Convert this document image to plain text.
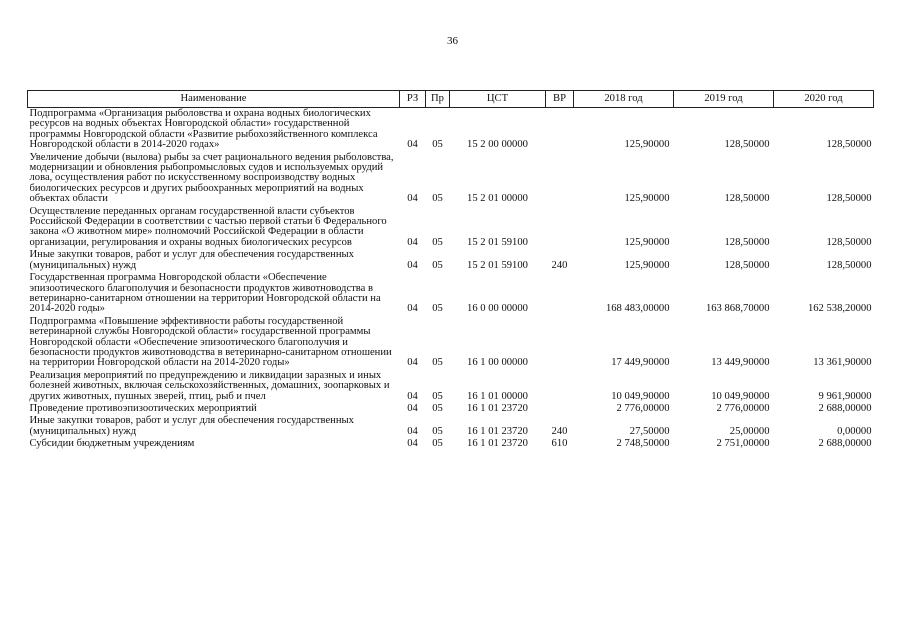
36
Наименование	РЗ	Пр	ЦСТ	ВР	2018 год	2019 год	2020 год
Подпрограмма «Организация рыболовства и охрана водных биологических ресурсов на водных объектах Новгородской области» государственной программы Новгородской области «Развитие рыбохозяйственного комплекса Новгородской области в 2014-2020 годах»	04	05	15 2 00 00000		125,90000	128,50000	128,50000
Увеличение добычи (вылова) рыбы за счет рационального ведения рыболовства, модернизации и обновления рыбопромысловых судов и используемых орудий лова, осуществления работ по искусственному воспроизводству водных биологических ресурсов и других рыбоохранных мероприятий на водных объектах области	04	05	15 2 01 00000		125,90000	128,50000	128,50000
Осуществление переданных органам государственной власти субъектов Российской Федерации в соответствии с частью первой статьи 6 Федерального закона «О животном мире» полномочий Российской Федерации в области организации, регулирования и охраны водных биологических ресурсов	04	05	15 2 01 59100		125,90000	128,50000	128,50000
Иные закупки товаров, работ и услуг для обеспечения государственных (муниципальных) нужд	04	05	15 2 01 59100	240	125,90000	128,50000	128,50000
Государственная программа Новгородской области «Обеспечение эпизоотического благополучия и безопасности продуктов животноводства в ветеринарно-санитарном отношении на территории Новгородской области на 2014-2020 годы»	04	05	16 0 00 00000		168 483,00000	163 868,70000	162 538,20000
Подпрограмма «Повышение эффективности работы государственной ветеринарной службы Новгородской области» государственной программы Новгородской области «Обеспечение эпизоотического благополучия и безопасности продуктов животноводства в ветеринарно-санитарном отношении на территории Новгородской области на 2014-2020 годы»	04	05	16 1 00 00000		17 449,90000	13 449,90000	13 361,90000
Реализация мероприятий по предупреждению и ликвидации заразных и иных болезней животных, включая сельскохозяйственных, домашних, зоопарковых и других животных, пушных зверей, птиц, рыб и пчел	04	05	16 1 01 00000		10 049,90000	10 049,90000	9 961,90000
Проведение противоэпизоотических мероприятий	04	05	16 1 01 23720		2 776,00000	2 776,00000	2 688,00000
Иные закупки товаров, работ и услуг для обеспечения государственных (муниципальных) нужд	04	05	16 1 01 23720	240	27,50000	25,00000	0,00000
Субсидии бюджетным учреждениям	04	05	16 1 01 23720	610	2 748,50000	2 751,00000	2 688,00000
